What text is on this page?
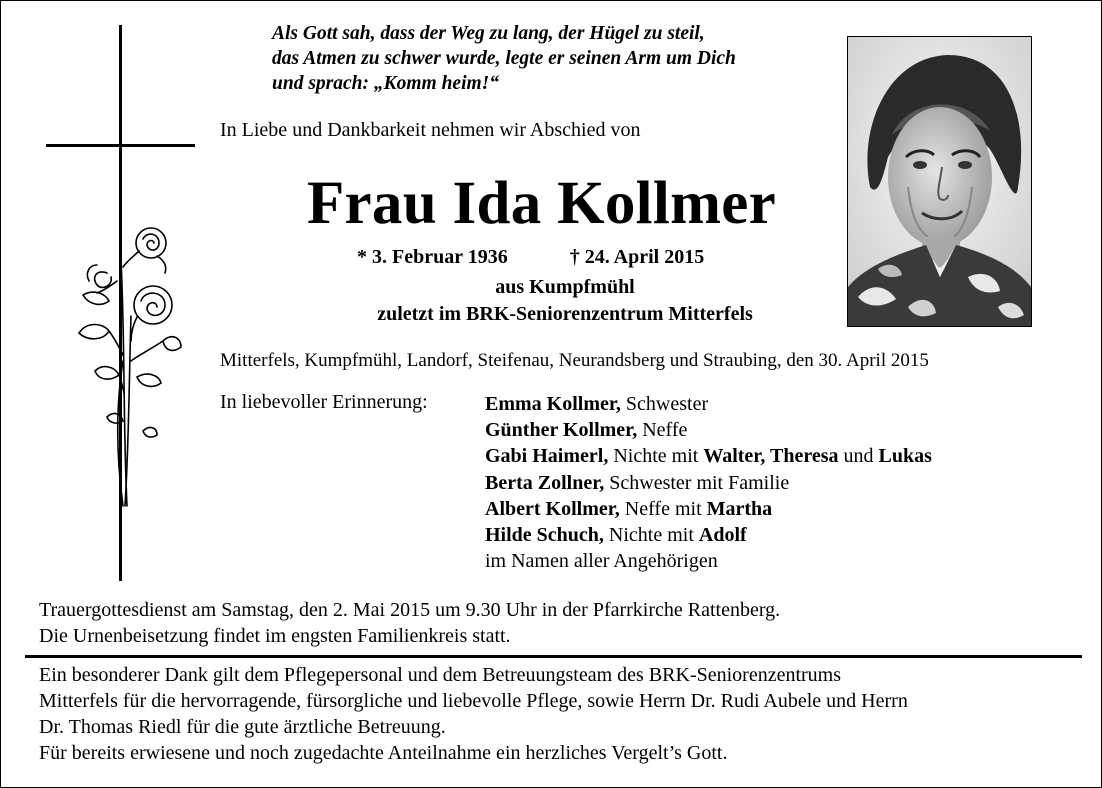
Als Gott sah, dass der Weg zu lang, der Hügel zu steil,
das Atmen zu schwer wurde, legte er seinen Arm um Dich
und sprach: „Komm heim!“
In Liebe und Dankbarkeit nehmen wir Abschied von
Frau Ida Kollmer
* 3. Februar 1936	† 24. April 2015
aus Kumpfmühl
zuletzt im BRK-Seniorenzentrum Mitterfels
Mitterfels, Kumpfmühl, Landorf, Steifenau, Neurandsberg und Straubing, den 30. April 2015
In liebevoller Erinnerung:	Emma Kollmer, Schwester
Günther Kollmer, Neffe
Gabi Haimerl, Nichte mit Walter, Theresa und Lukas
Berta Zollner, Schwester mit Familie
Albert Kollmer, Neffe mit Martha
Hilde Schuch, Nichte mit Adolf
im Namen aller Angehörigen
Trauergottesdienst am Samstag, den 2. Mai 2015 um 9.30 Uhr in der Pfarrkirche Rattenberg.
Die Urnenbeisetzung findet im engsten Familienkreis statt.
Ein besonderer Dank gilt dem Pflegepersonal und dem Betreuungsteam des BRK-Seniorenzentrums
Mitterfels für die hervorragende, fürsorgliche und liebevolle Pflege, sowie Herrn Dr. Rudi Aubele und Herrn
Dr. Thomas Riedl für die gute ärztliche Betreuung.
Für bereits erwiesene und noch zugedachte Anteilnahme ein herzliches Vergelt’s Gott.
